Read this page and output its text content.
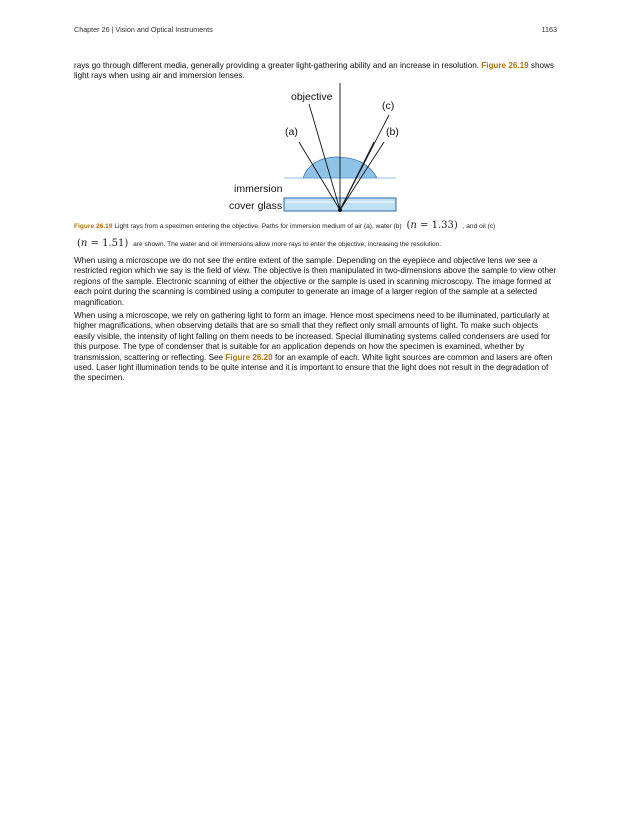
Chapter 26 | Vision and Optical Instruments	1163
rays go through different media, generally providing a greater light-gathering ability and an increase in resolution. Figure 26.19 shows light rays when using air and immersion lenses.
objective
(c)
(a)	(b)
immersion
cover glass
Figure 26.19 Light rays from a specimen entering the objective. Paths for immersion medium of air (a), water (b) (n = 1.33) , and oil (c)
(n = 1.51) are shown. The water and oil immersions allow more rays to enter the objective, increasing the resolution.
When using a microscope we do not see the entire extent of the sample. Depending on the eyepiece and objective lens we see a restricted region which we say is the field of view. The objective is then manipulated in two-dimensions above the sample to view other regions of the sample. Electronic scanning of either the objective or the sample is used in scanning microscopy. The image formed at each point during the scanning is combined using a computer to generate an image of a larger region of the sample at a selected magnification.
When using a microscope, we rely on gathering light to form an image. Hence most specimens need to be illuminated, particularly at higher magnifications, when observing details that are so small that they reflect only small amounts of light. To make such objects easily visible, the intensity of light falling on them needs to be increased. Special illuminating systems called condensers are used for this purpose. The type of condenser that is suitable for an application depends on how the specimen is examined, whether by transmission, scattering or reflecting. See Figure 26.20 for an example of each. White light sources are common and lasers are often used. Laser light illumination tends to be quite intense and it is important to ensure that the light does not result in the degradation of the specimen.
